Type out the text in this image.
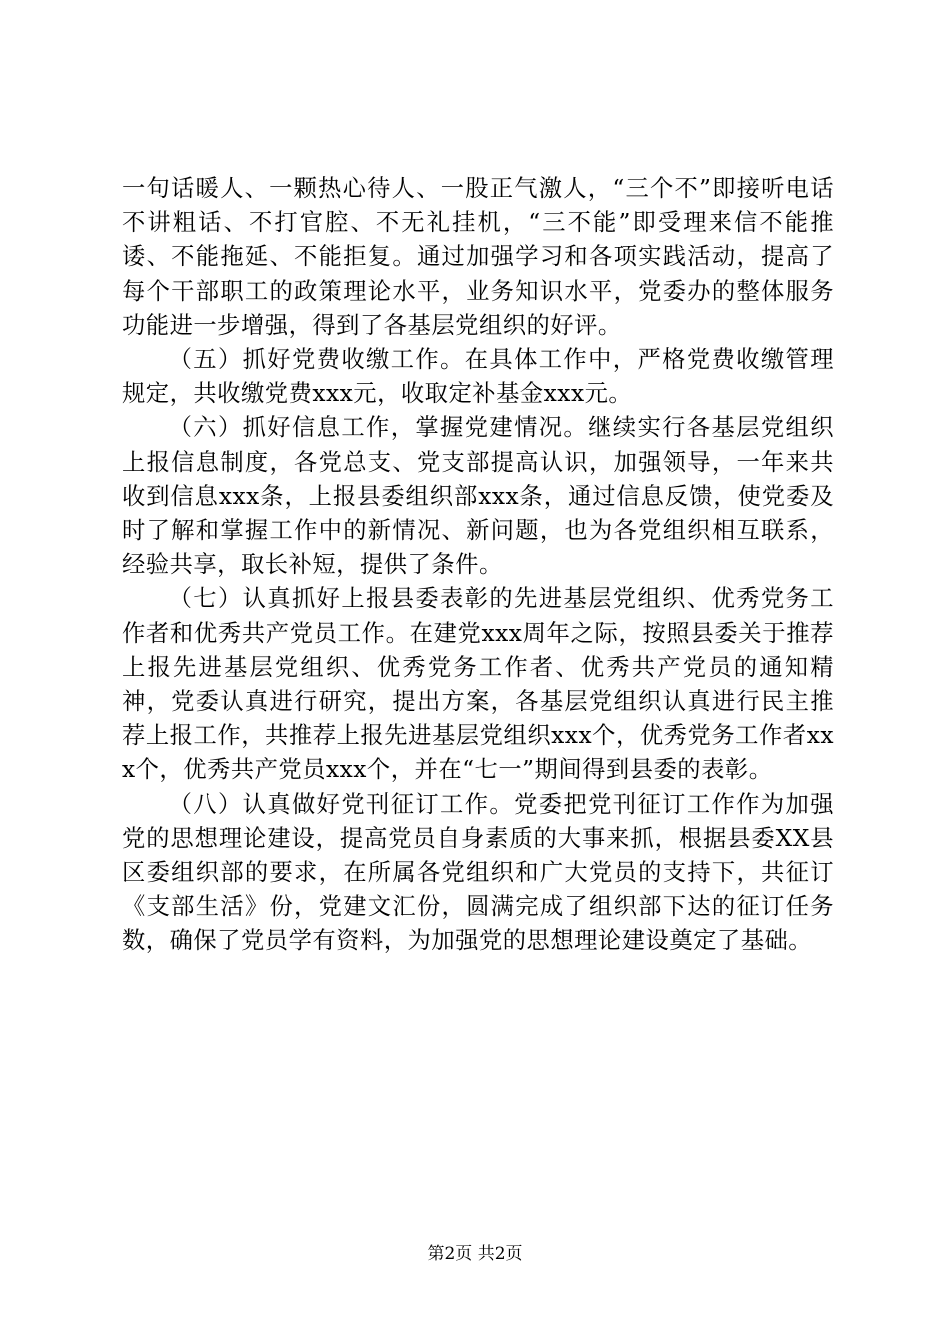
一句话暖人、一颗热心待人、一股正气激人，“三个不”即接听电话不讲粗话、不打官腔、不无礼挂机，“三不能”即受理来信不能推诿、不能拖延、不能拒复。通过加强学习和各项实践活动，提高了每个干部职工的政策理论水平，业务知识水平，党委办的整体服务功能进一步增强，得到了各基层党组织的好评。

（五）抓好党费收缴工作。在具体工作中，严格党费收缴管理规定，共收缴党费xxx元，收取定补基金xxx元。

（六）抓好信息工作，掌握党建情况。继续实行各基层党组织上报信息制度，各党总支、党支部提高认识，加强领导，一年来共收到信息xxx条，上报县委组织部xxx条，通过信息反馈，使党委及时了解和掌握工作中的新情况、新问题，也为各党组织相互联系，经验共享，取长补短，提供了条件。

（七）认真抓好上报县委表彰的先进基层党组织、优秀党务工作者和优秀共产党员工作。在建党xxx周年之际，按照县委关于推荐上报先进基层党组织、优秀党务工作者、优秀共产党员的通知精神，党委认真进行研究，提出方案，各基层党组织认真进行民主推荐上报工作，共推荐上报先进基层党组织xxx个，优秀党务工作者xxx个，优秀共产党员xxx个，并在“七一”期间得到县委的表彰。

（八）认真做好党刊征订工作。党委把党刊征订工作作为加强党的思想理论建设，提高党员自身素质的大事来抓，根据县委XX县区委组织部的要求，在所属各党组织和广大党员的支持下，共征订《支部生活》份，党建文汇份，圆满完成了组织部下达的征订任务数，确保了党员学有资料，为加强党的思想理论建设奠定了基础。

第2页 共2页
